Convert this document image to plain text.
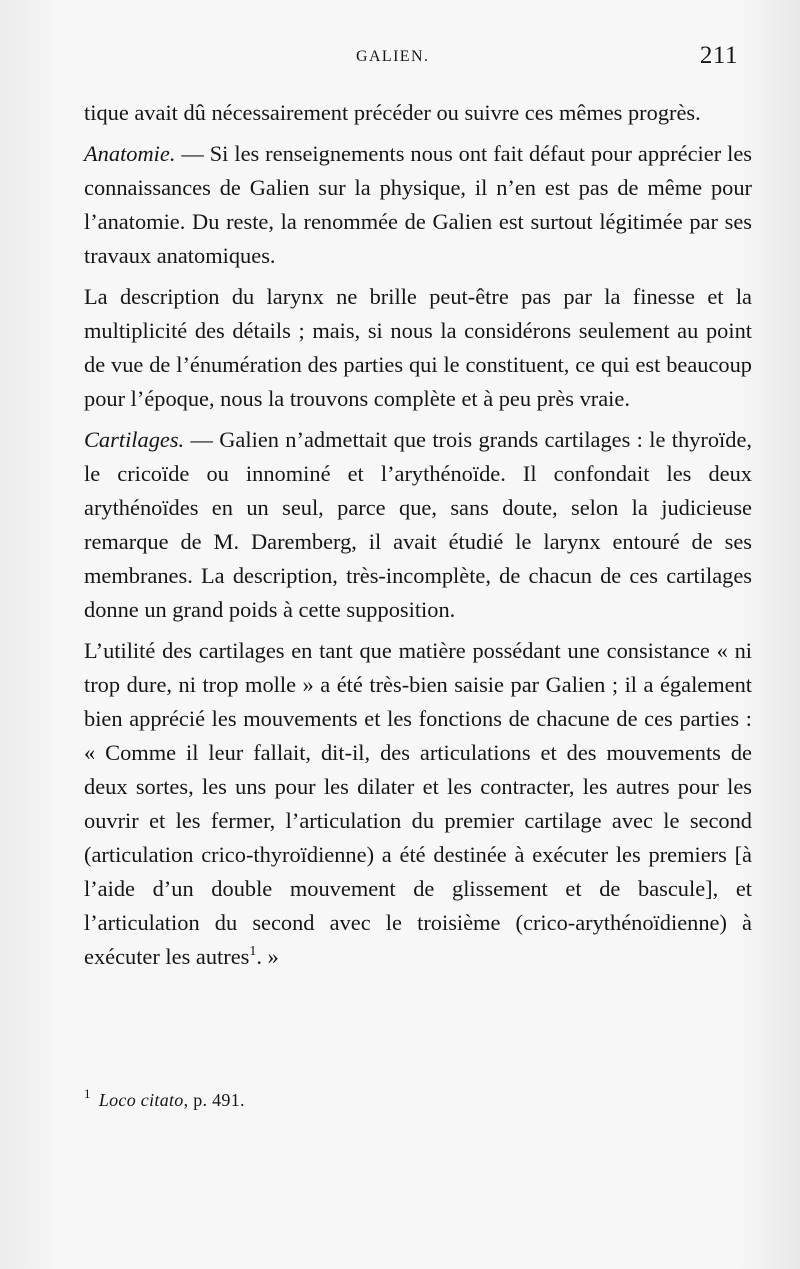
GALIEN.	211

tique avait dû nécessairement précéder ou suivre ces mêmes progrès.

Anatomie. — Si les renseignements nous ont fait défaut pour apprécier les connaissances de Galien sur la physique, il n’en est pas de même pour l’anatomie. Du reste, la renommée de Galien est surtout légitimée par ses travaux anatomiques.

La description du larynx ne brille peut-être pas par la finesse et la multiplicité des détails ; mais, si nous la considérons seulement au point de vue de l’énumération des parties qui le constituent, ce qui est beaucoup pour l’époque, nous la trouvons complète et à peu près vraie.

Cartilages. — Galien n’admettait que trois grands cartilages : le thyroïde, le cricoïde ou innominé et l’arythénoïde. Il confondait les deux arythénoïdes en un seul, parce que, sans doute, selon la judicieuse remarque de M. Daremberg, il avait étudié le larynx entouré de ses membranes. La description, très-incomplète, de chacun de ces cartilages donne un grand poids à cette supposition.

L’utilité des cartilages en tant que matière possédant une consistance « ni trop dure, ni trop molle » a été très-bien saisie par Galien ; il a également bien apprécié les mouvements et les fonctions de chacune de ces parties : « Comme il leur fallait, dit-il, des articulations et des mouvements de deux sortes, les uns pour les dilater et les contracter, les autres pour les ouvrir et les fermer, l’articulation du premier cartilage avec le second (articulation crico-thyroïdienne) a été destinée à exécuter les premiers [à l’aide d’un double mouvement de glissement et de bascule], et l’articulation du second avec le troisième (crico-arythénoïdienne) à exécuter les autres$^1$. »

$^1$ Loco citato, p. 491.
